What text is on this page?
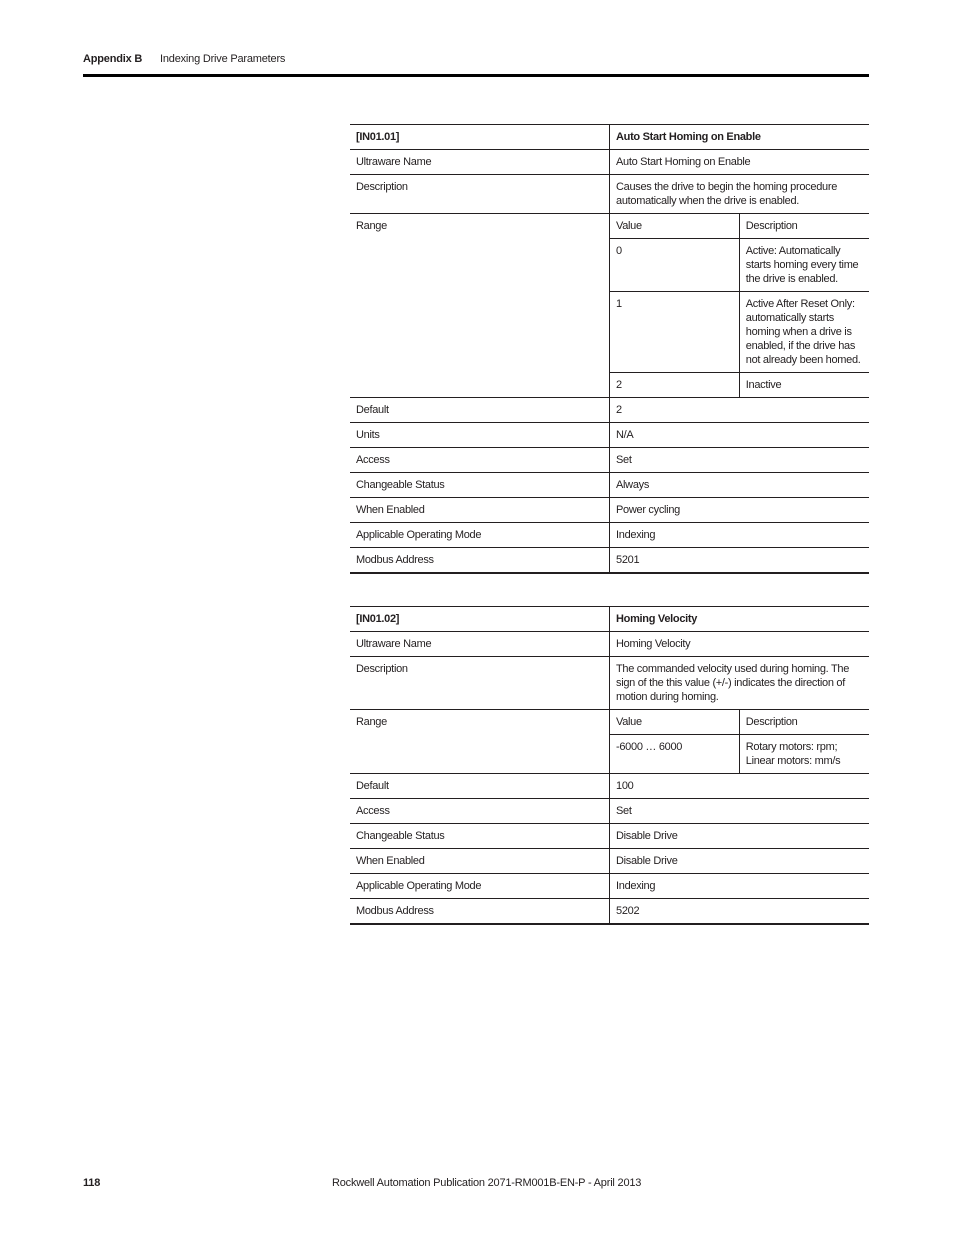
Appendix B Indexing Drive Parameters
[IN01.01]	Auto Start Homing on Enable	
Ultraware Name	Auto Start Homing on Enable	
Description	Causes the drive to begin the homing procedure automatically when the drive is enabled.	
Range	Value	Description
	0	Active: Automatically starts homing every time the drive is enabled.
	1	Active After Reset Only: automatically starts homing when a drive is enabled, if the drive has not already been homed.
	2	Inactive
Default	2	
Units	N/A	
Access	Set	
Changeable Status	Always	
When Enabled	Power cycling	
Applicable Operating Mode	Indexing	
Modbus Address	5201	
[IN01.02]	Homing Velocity	
Ultraware Name	Homing Velocity	
Description	The commanded velocity used during homing. The sign of the this value (+/-) indicates the direction of motion during homing.	
Range	Value	Description
	-6000 … 6000	Rotary motors: rpm; Linear motors: mm/s
Default	100	
Access	Set	
Changeable Status	Disable Drive	
When Enabled	Disable Drive	
Applicable Operating Mode	Indexing	
Modbus Address	5202	
118	Rockwell Automation Publication 2071-RM001B-EN-P - April 2013
